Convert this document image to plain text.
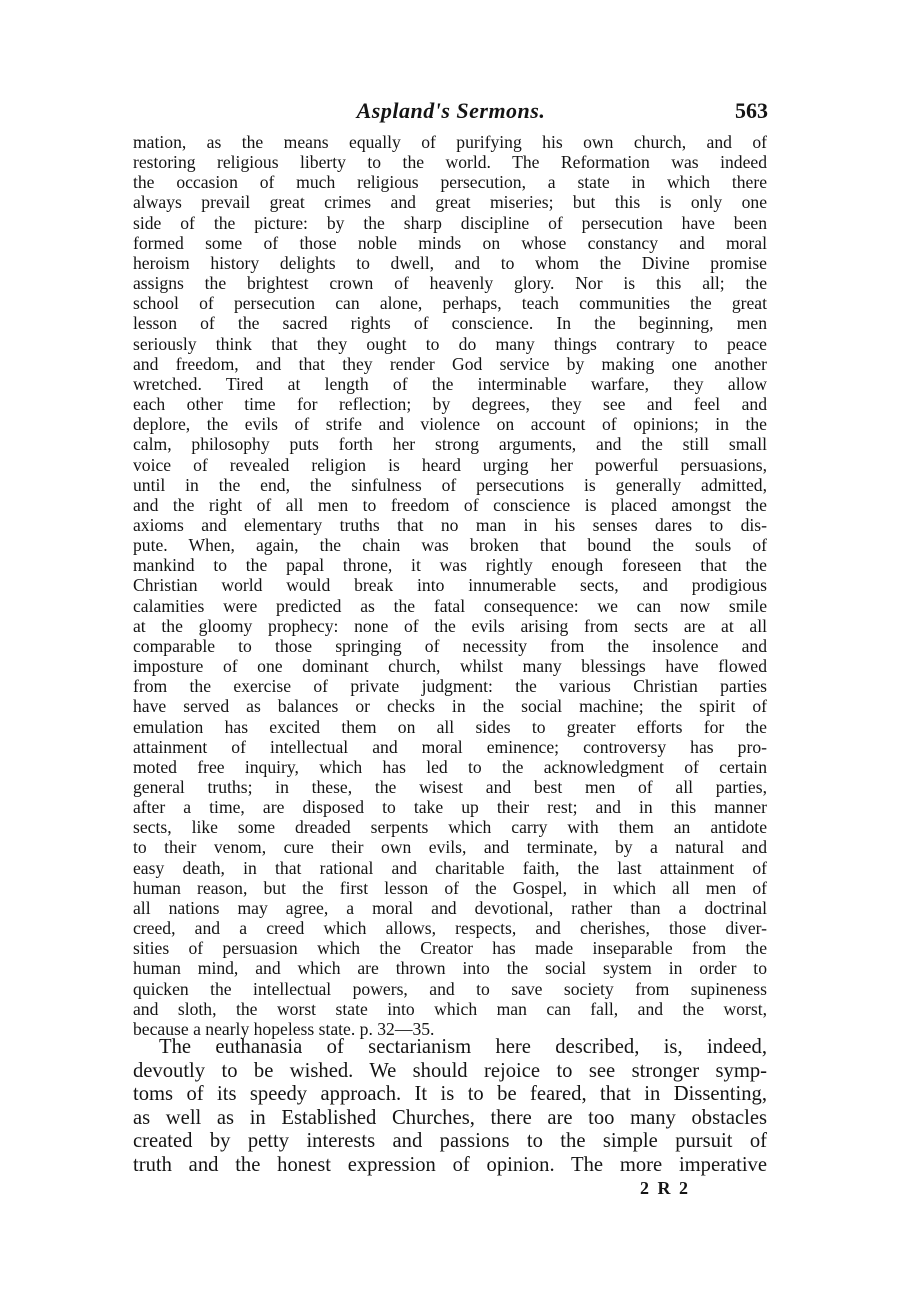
Aspland's Sermons.	563
mation, as the means equally of purifying his own church, and of
restoring religious liberty to the world. The Reformation was indeed
the occasion of much religious persecution, a state in which there
always prevail great crimes and great miseries; but this is only one
side of the picture: by the sharp discipline of persecution have been
formed some of those noble minds on whose constancy and moral
heroism history delights to dwell, and to whom the Divine promise
assigns the brightest crown of heavenly glory. Nor is this all; the
school of persecution can alone, perhaps, teach communities the great
lesson of the sacred rights of conscience. In the beginning, men
seriously think that they ought to do many things contrary to peace
and freedom, and that they render God service by making one another
wretched. Tired at length of the interminable warfare, they allow
each other time for reflection; by degrees, they see and feel and
deplore, the evils of strife and violence on account of opinions; in the
calm, philosophy puts forth her strong arguments, and the still small
voice of revealed religion is heard urging her powerful persuasions,
until in the end, the sinfulness of persecutions is generally admitted,
and the right of all men to freedom of conscience is placed amongst the
axioms and elementary truths that no man in his senses dares to dis-
pute. When, again, the chain was broken that bound the souls of
mankind to the papal throne, it was rightly enough foreseen that the
Christian world would break into innumerable sects, and prodigious
calamities were predicted as the fatal consequence: we can now smile
at the gloomy prophecy: none of the evils arising from sects are at all
comparable to those springing of necessity from the insolence and
imposture of one dominant church, whilst many blessings have flowed
from the exercise of private judgment: the various Christian parties
have served as balances or checks in the social machine; the spirit of
emulation has excited them on all sides to greater efforts for the
attainment of intellectual and moral eminence; controversy has pro-
moted free inquiry, which has led to the acknowledgment of certain
general truths; in these, the wisest and best men of all parties,
after a time, are disposed to take up their rest; and in this manner
sects, like some dreaded serpents which carry with them an antidote
to their venom, cure their own evils, and terminate, by a natural and
easy death, in that rational and charitable faith, the last attainment of
human reason, but the first lesson of the Gospel, in which all men of
all nations may agree, a moral and devotional, rather than a doctrinal
creed, and a creed which allows, respects, and cherishes, those diver-
sities of persuasion which the Creator has made inseparable from the
human mind, and which are thrown into the social system in order to
quicken the intellectual powers, and to save society from supineness
and sloth, the worst state into which man can fall, and the worst,
because a nearly hopeless state. p. 32—35.
The euthanasia of sectarianism here described, is, indeed,
devoutly to be wished. We should rejoice to see stronger symp-
toms of its speedy approach. It is to be feared, that in Dissenting,
as well as in Established Churches, there are too many obstacles
created by petty interests and passions to the simple pursuit of
truth and the honest expression of opinion. The more imperative
2 R 2
